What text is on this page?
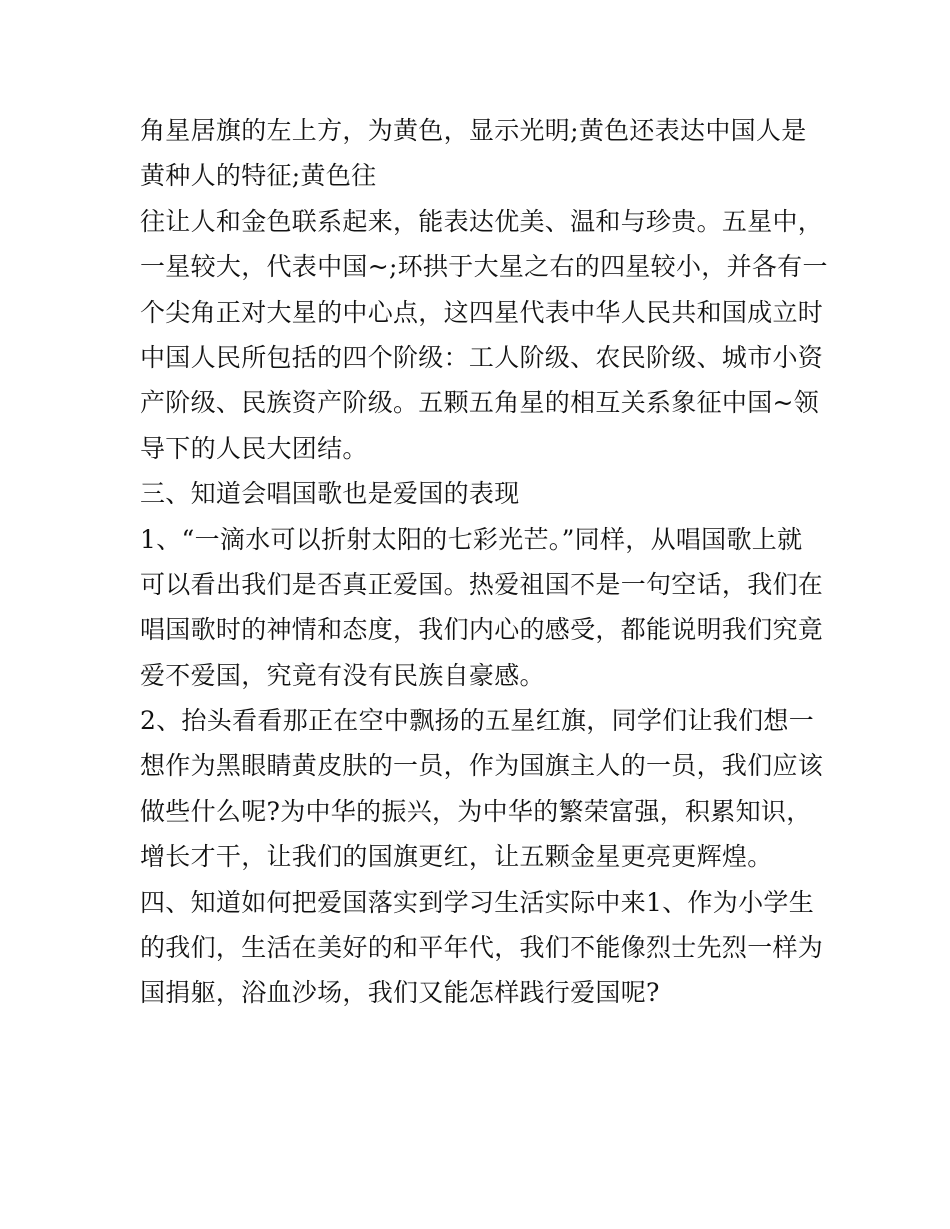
角星居旗的左上方，为黄色，显示光明;黄色还表达中国人是
黄种人的特征;黄色往
往让人和金色联系起来，能表达优美、温和与珍贵。五星中，
一星较大，代表中国~;环拱于大星之右的四星较小，并各有一
个尖角正对大星的中心点，这四星代表中华人民共和国成立时
中国人民所包括的四个阶级：工人阶级、农民阶级、城市小资
产阶级、民族资产阶级。五颗五角星的相互关系象征中国~领
导下的人民大团结。
三、知道会唱国歌也是爱国的表现
1、“一滴水可以折射太阳的七彩光芒。”同样，从唱国歌上就
可以看出我们是否真正爱国。热爱祖国不是一句空话，我们在
唱国歌时的神情和态度，我们内心的感受，都能说明我们究竟
爱不爱国，究竟有没有民族自豪感。
2、抬头看看那正在空中飘扬的五星红旗，同学们让我们想一
想作为黑眼睛黄皮肤的一员，作为国旗主人的一员，我们应该
做些什么呢?为中华的振兴，为中华的繁荣富强，积累知识，
增长才干，让我们的国旗更红，让五颗金星更亮更辉煌。
四、知道如何把爱国落实到学习生活实际中来1、作为小学生
的我们，生活在美好的和平年代，我们不能像烈士先烈一样为
国捐躯，浴血沙场，我们又能怎样践行爱国呢?
